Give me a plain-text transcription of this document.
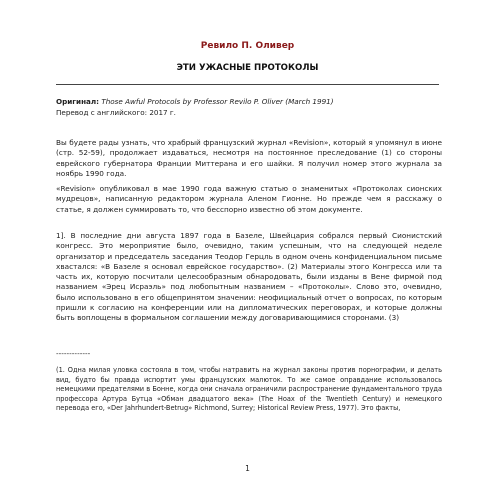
Ревило П. Оливер
ЭТИ УЖАСНЫЕ ПРОТОКОЛЫ
Оригинал: Those Awful Protocols by Professor Revilo P. Oliver (March 1991)
Перевод с английского: 2017 г.

Вы будете рады узнать, что храбрый французский журнал «Revision», который я упомянул в июне (стр. 52-59), продолжает издаваться, несмотря на постоянное преследование (1) со стороны еврейского губернатора Франции Миттерана и его шайки. Я получил номер этого журнала за ноябрь 1990 года.

«Revision» опубликовал в мае 1990 года важную статью о знаменитых «Протоколах сионских мудрецов», написанную редактором журнала Аленом Гионне. Но прежде чем я расскажу о статье, я должен суммировать то, что бесспорно известно об этом документе.

1]. В последние дни августа 1897 года в Базеле, Швейцария собрался первый Сионистский конгресс. Это мероприятие было, очевидно, таким успешным, что на следующей неделе организатор и председатель заседания Теодор Герцль в одном очень конфиденциальном письме хвастался: «В Базеле я основал еврейское государство». (2) Материалы этого Конгресса или та часть их, которую посчитали целесообразным обнародовать, были изданы в Вене фирмой под названием «Эрец Исраэль» под любопытным названием – «Протоколы». Слово это, очевидно, было использовано в его общепринятом значении: неофициальный отчет о вопросах, по которым пришли к согласию на конференции или на дипломатических переговорах, и которые должны быть воплощены в формальном соглашении между договаривающимися сторонами. (3)

-------------

(1. Одна милая уловка состояла в том, чтобы натравить на журнал законы против порнографии, и делать вид, будто бы правда испортит умы французских малюток. То же самое оправдание использовалось немецкими предателями в Бонне, когда они сначала ограничили распространение фундаментального труда профессора Артура Бутца «Обман двадцатого века» (The Hoax of the Twentieth Century) и немецкого перевода его, «Der Jahrhundert-Betrug» Richmond, Surrey; Historical Review Press, 1977). Это факты,

1
